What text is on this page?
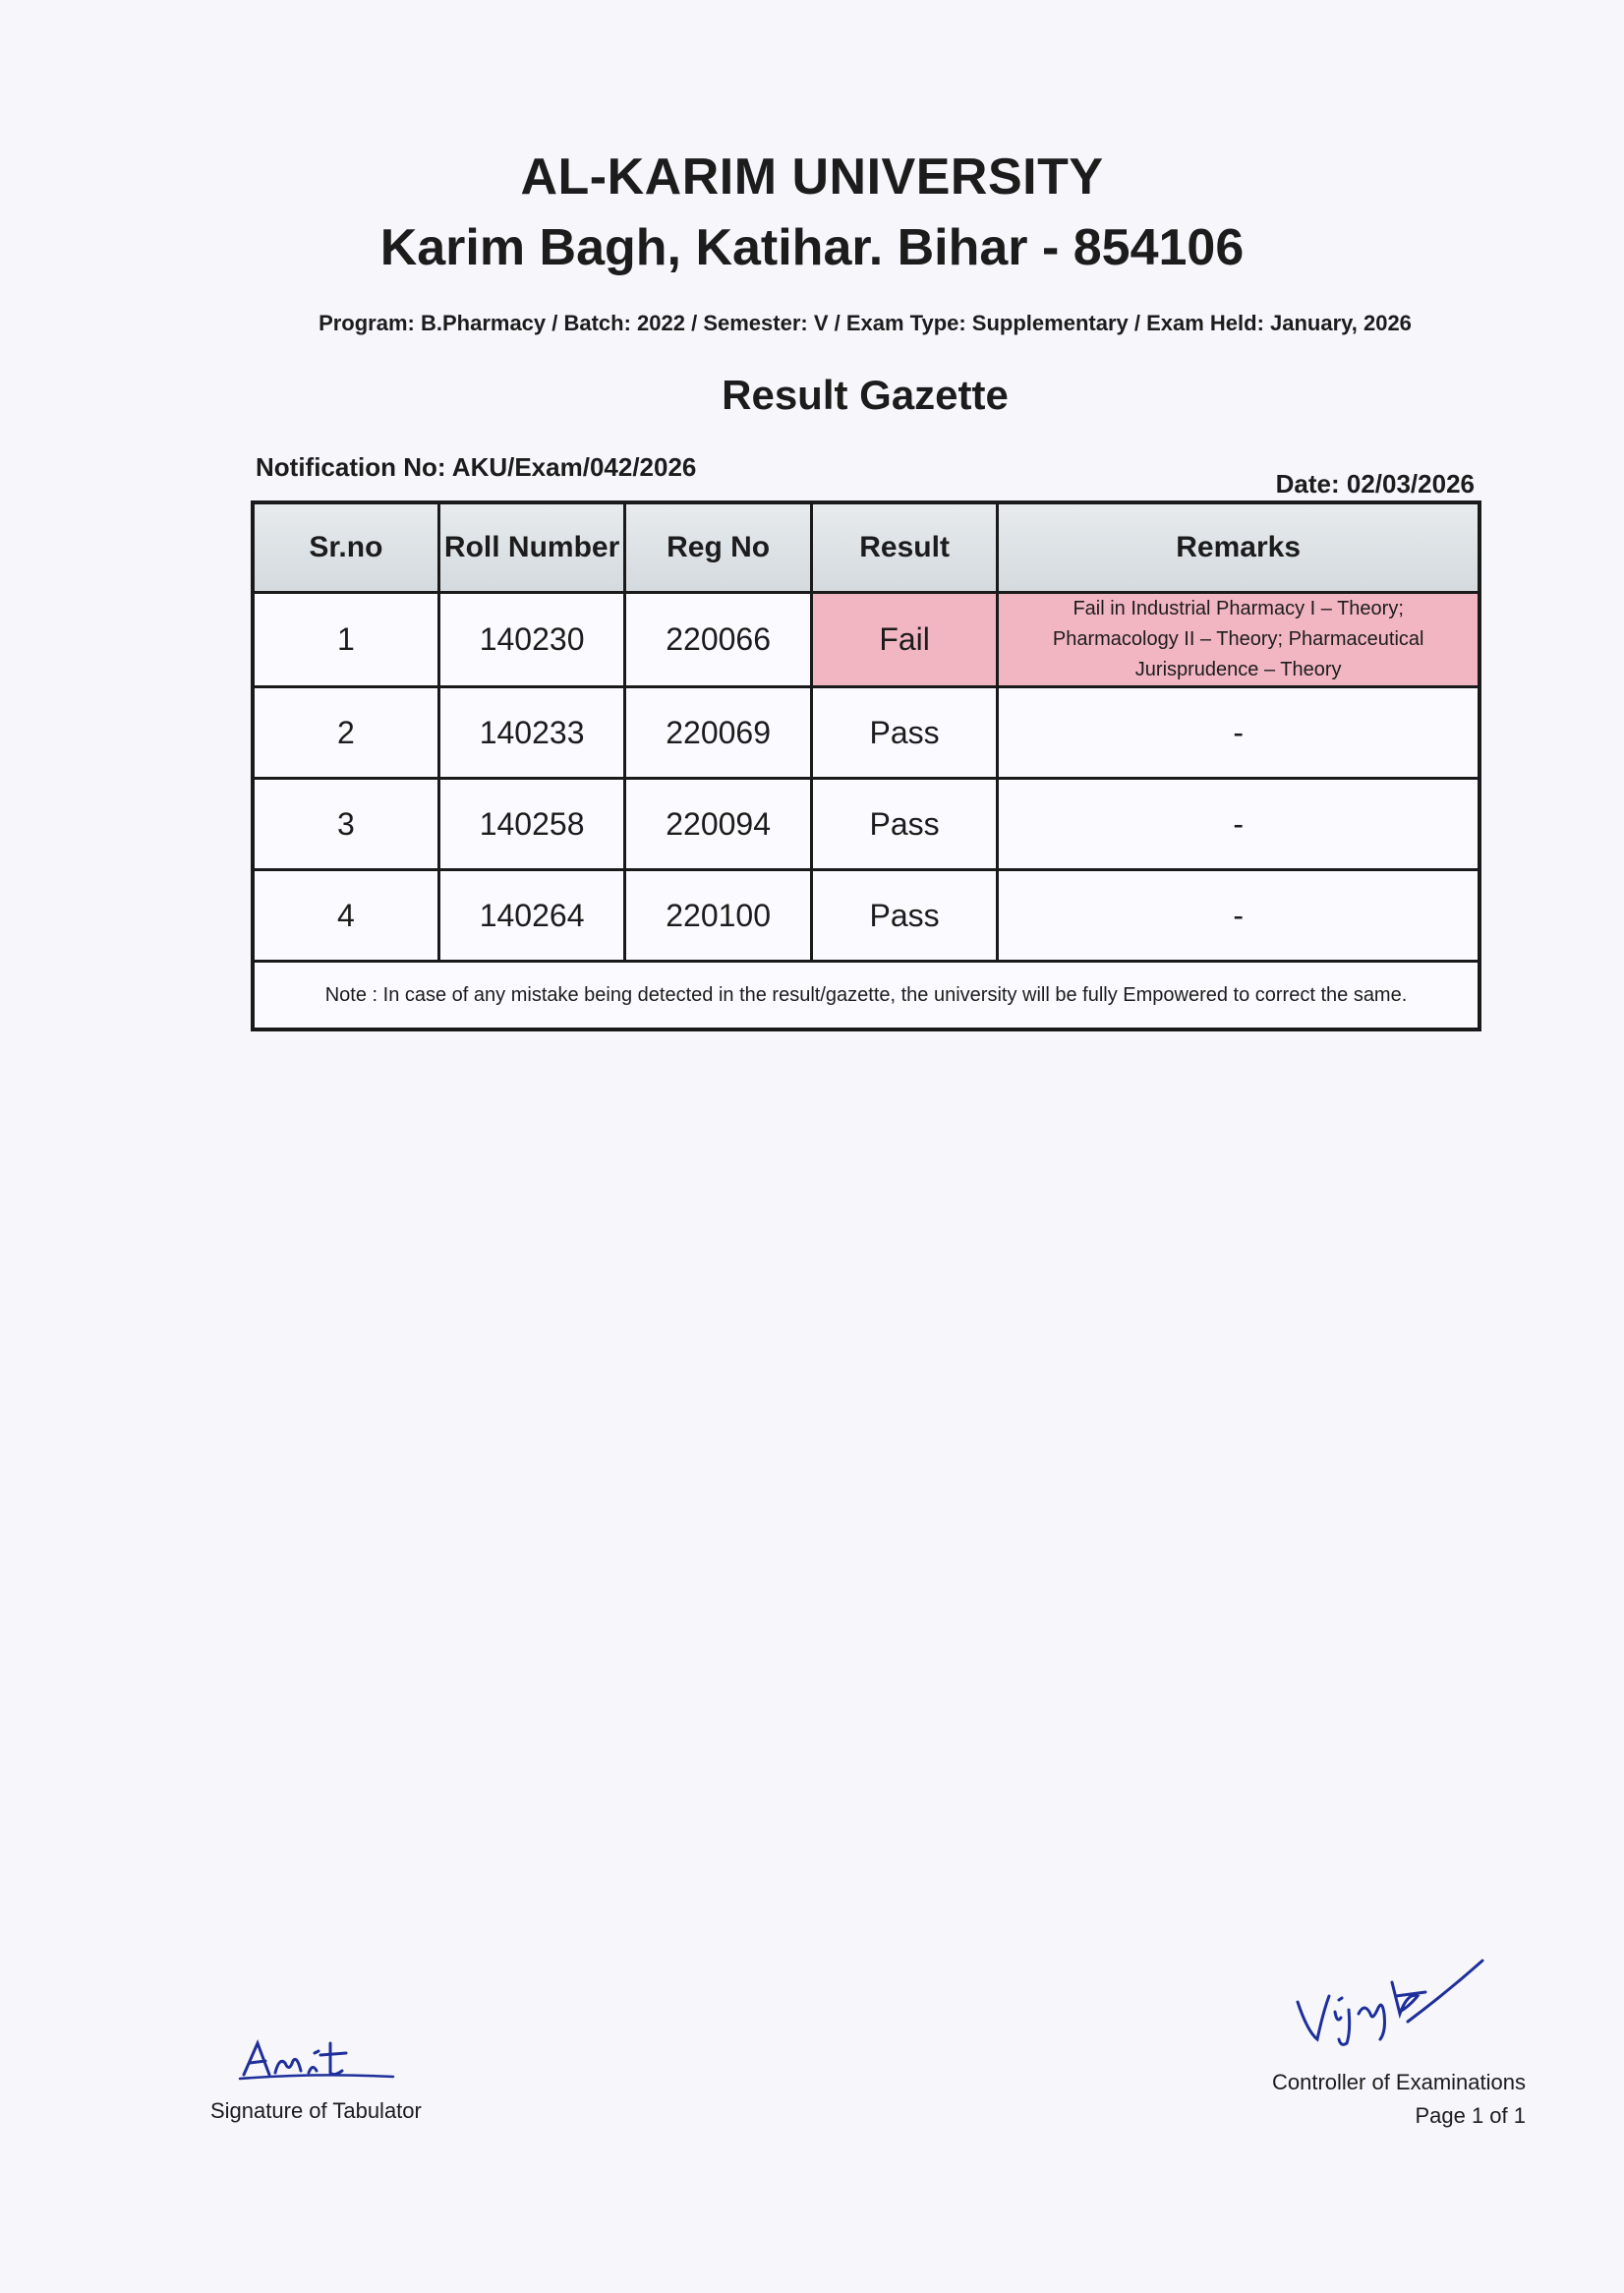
AL-KARIM UNIVERSITY
Karim Bagh, Katihar. Bihar - 854106
Program: B.Pharmacy / Batch: 2022 / Semester: V / Exam Type: Supplementary / Exam Held: January, 2026
Result Gazette
Notification No: AKU/Exam/042/2026
Date: 02/03/2026
Sr.no	Roll Number	Reg No	Result	Remarks
1	140230	220066	Fail	Fail in Industrial Pharmacy I – Theory; Pharmacology II – Theory; Pharmaceutical Jurisprudence – Theory
2	140233	220069	Pass	-
3	140258	220094	Pass	-
4	140264	220100	Pass	-
Note : In case of any mistake being detected in the result/gazette, the university will be fully Empowered to correct the same.				
Signature of Tabulator
Controller of Examinations
Page 1 of 1
